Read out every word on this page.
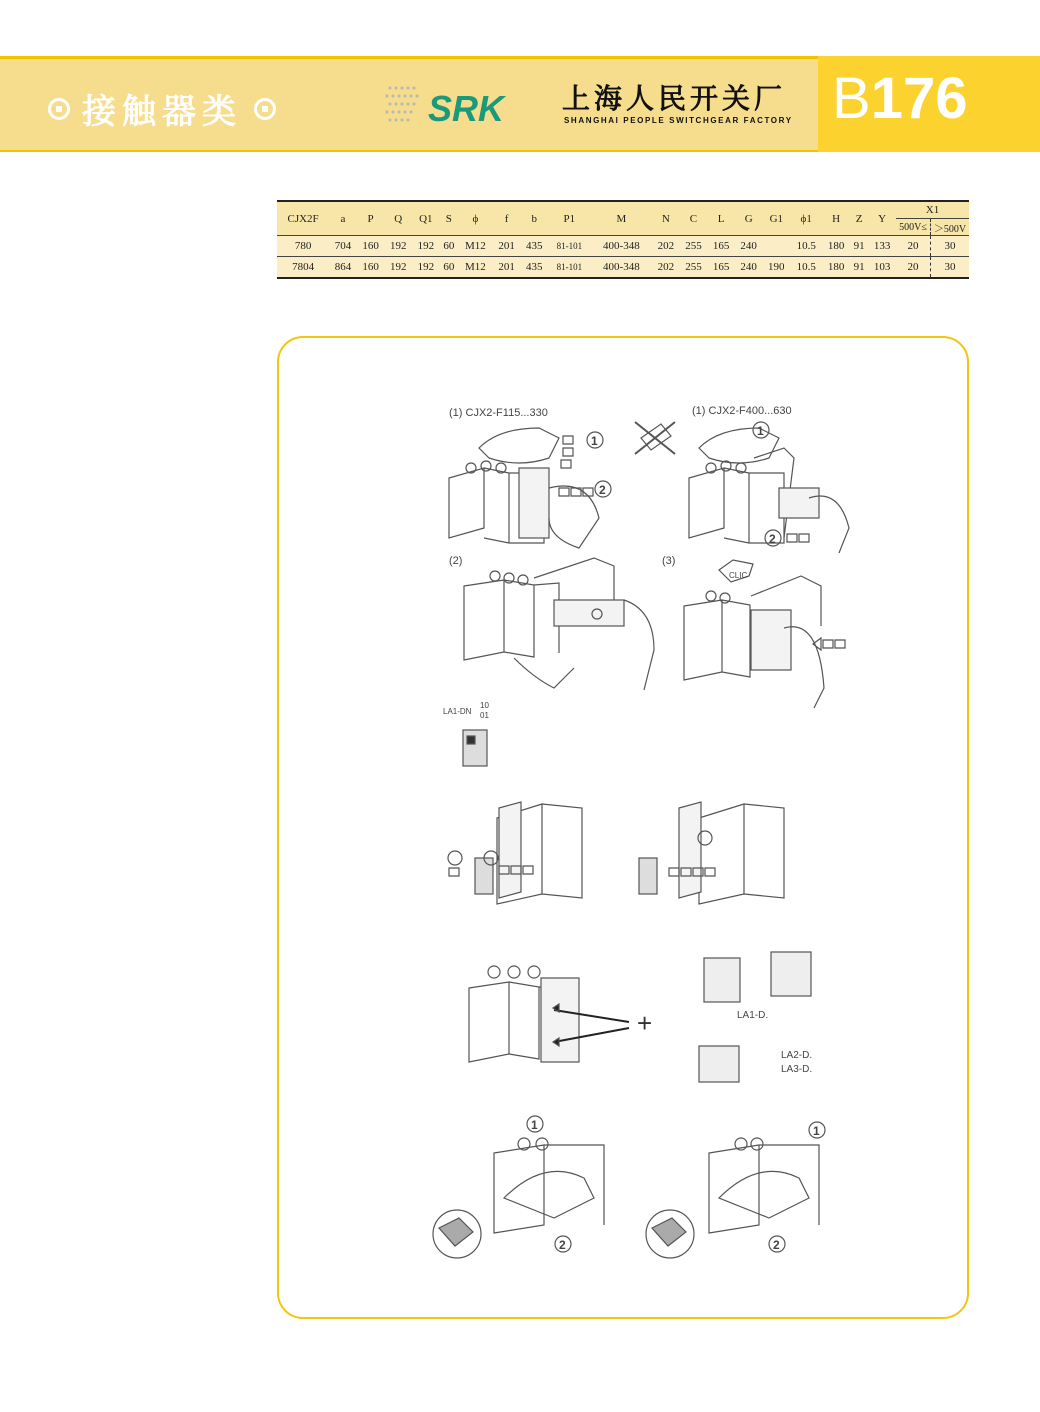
接触器类	SRK 上海人民开关厂
SHANGHAI PEOPLE SWITCHGEAR FACTORY B176
CJX2F	a	P	Q	Q1	S	ϕ	f	b	P1	M	N	C	L	G	G1	ϕ1	H	Z	Y	X1	
																				500V≤	＞500V
780	704	160	192	192	60	M12	201	435	81-101	400-348	202	255	165	240		10.5	180	91	133	20	30
7804	864	160	192	192	60	M12	201	435	81-101	400-348	202	255	165	240	190	10.5	180	91	103	20	30
(1) CJX2-F115...330
1
2
(1) CJX2-F400...630
1
2
(2)	(3)
CLIC
LA1-DN
10
01
+	LA1-D.
LA2-D.
LA3-D.
1
2
1
2
